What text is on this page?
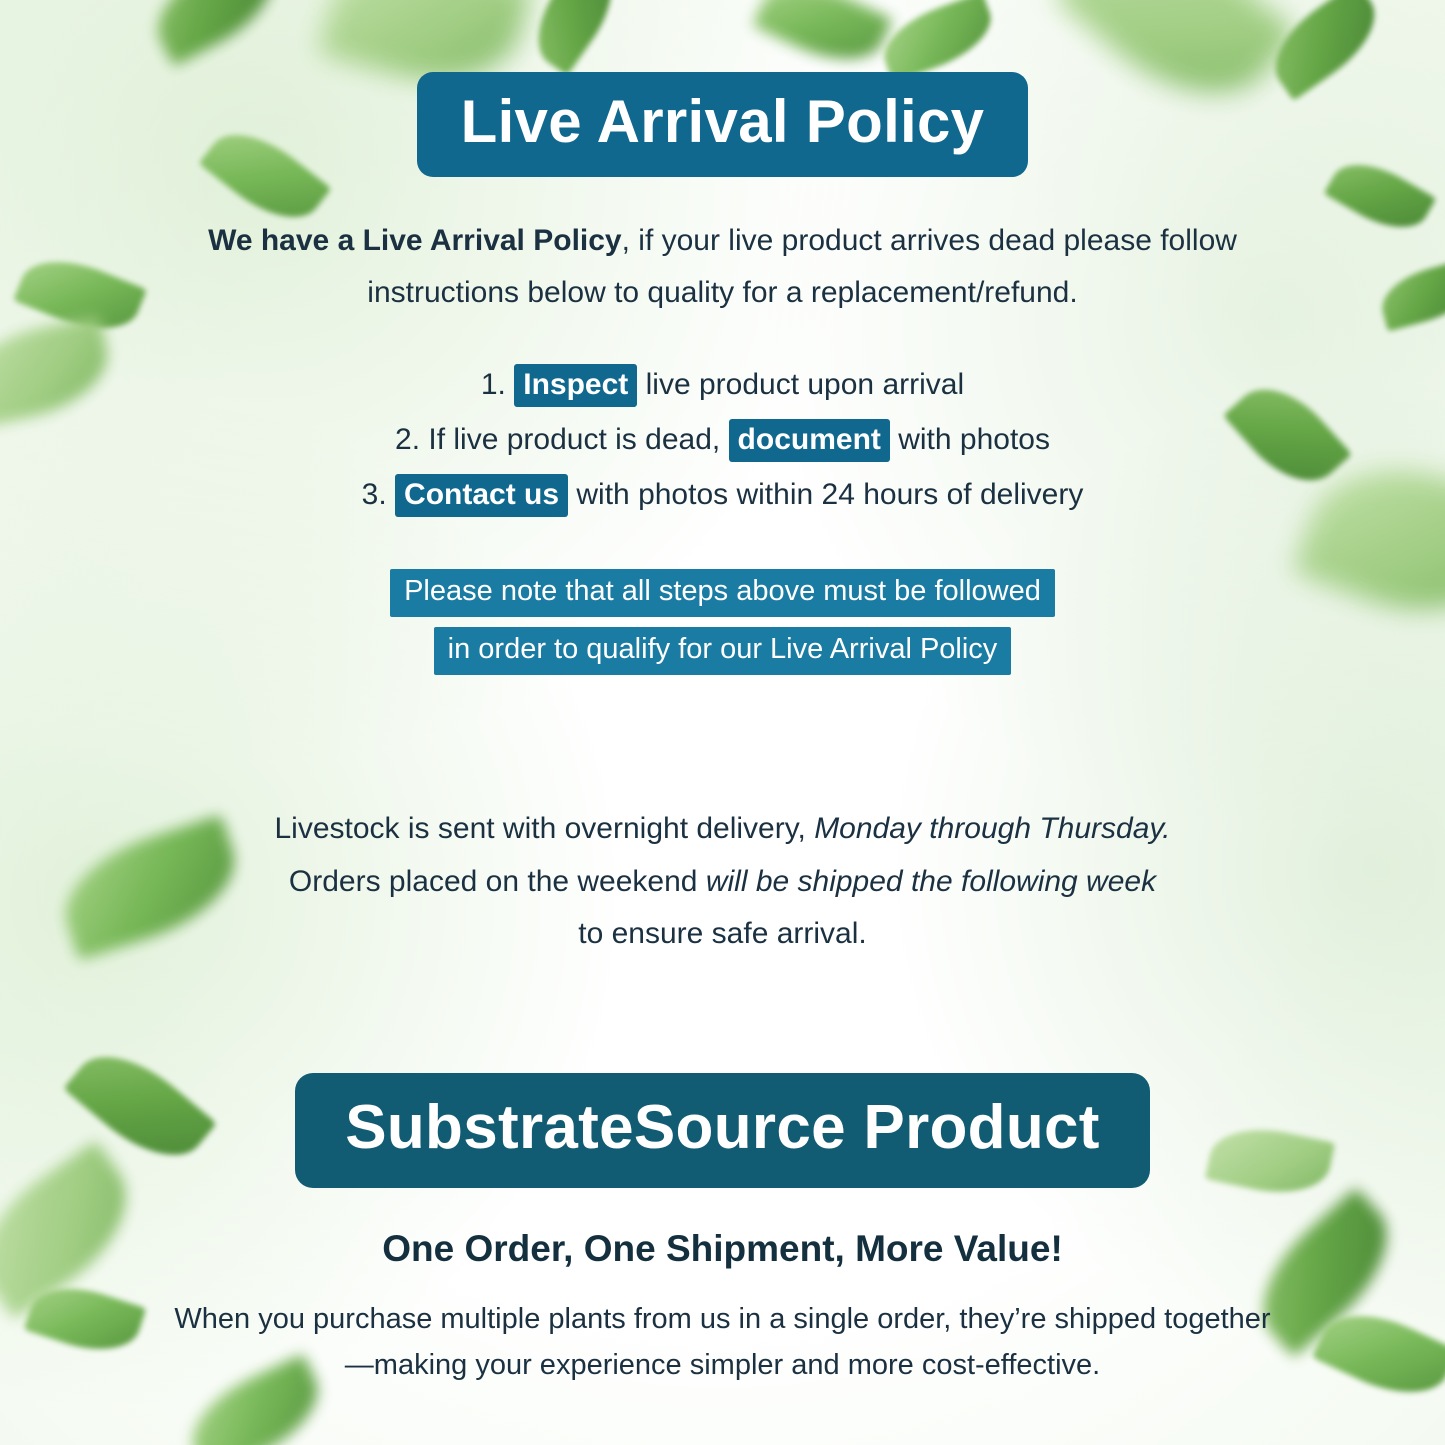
Live Arrival Policy

We have a Live Arrival Policy, if your live product arrives dead please follow instructions below to quality for a replacement/refund.

1. Inspect live product upon arrival
2. If live product is dead, document with photos
3. Contact us with photos within 24 hours of delivery
Please note that all steps above must be followed
in order to qualify for our Live Arrival Policy

Livestock is sent with overnight delivery, Monday through Thursday.
Orders placed on the weekend will be shipped the following week
to ensure safe arrival.

SubstrateSource Product
One Order, One Shipment, More Value!

When you purchase multiple plants from us in a single order, they’re shipped together—making your experience simpler and more cost-effective.
